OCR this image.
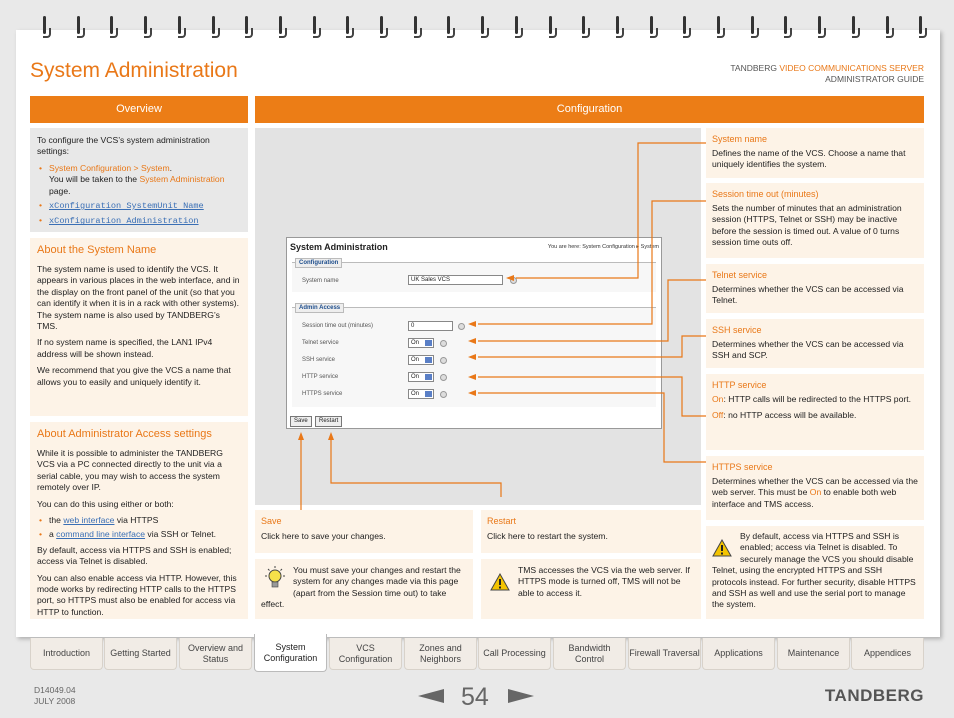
System Administration	TANDBERG VIDEO COMMUNICATIONS SERVER
ADMINISTRATOR GUIDE
Overview	Configuration

To configure the VCS’s system administration settings:

• System Configuration > System.
You will be taken to the System Administration page.
• xConfiguration SystemUnit Name
• xConfiguration Administration
About the System Name

The system name is used to identify the VCS. It appears in various places in the web interface, and in the display on the front panel of the unit (so that you can identify it when it is in a rack with other systems). The system name is also used by TANDBERG’s TMS.

If no system name is specified, the LAN1 IPv4 address will be shown instead.

We recommend that you give the VCS a name that allows you to easily and uniquely identify it.

About Administrator Access settings

While it is possible to administer the TANDBERG VCS via a PC connected directly to the unit via a serial cable, you may wish to access the system remotely over IP.

You can do this using either or both:

• the web interface via HTTPS
• a command line interface via SSH or Telnet.

By default, access via HTTPS and SSH is enabled; access via Telnet is disabled.

You can also enable access via HTTP. However, this mode works by redirecting HTTP calls to the HTTPS port, so HTTPS must also be enabled for access via HTTP to function.

System Administration	You are here: System Configuration ▸ System
Configuration
System name	UK Sales VCS
Admin Access
Session time out (minutes)	0
Telnet service	On
SSH service	On
HTTP service	On
HTTPS service	On
Save	Restart
System name
Defines the name of the VCS. Choose a name that uniquely identifies the system.
Session time out (minutes)
Sets the number of minutes that an administration session (HTTPS, Telnet or SSH) may be inactive before the session is timed out. A value of 0 turns session time outs off.
Telnet service
Determines whether the VCS can be accessed via Telnet.
SSH service
Determines whether the VCS can be accessed via SSH and SCP.
HTTP service

On: HTTP calls will be redirected to the HTTPS port.

Off: no HTTP access will be available.

HTTPS service
Determines whether the VCS can be accessed via the web server. This must be On to enable both web interface and TMS access.
By default, access via HTTPS and SSH is enabled; access via Telnet is disabled. To securely manage the VCS you should disable Telnet, using the encrypted HTTPS and SSH protocols instead. For further security, disable HTTPS and SSH as well and use the serial port to manage the system.
Save
Click here to save your changes.
Restart
Click here to restart the system.
You must save your changes and restart the system for any changes made via this page (apart from the Session time out) to take effect.
TMS accesses the VCS via the web server. If HTTPS mode is turned off, TMS will not be able to access it.
Introduction	Getting Started
Overview and Status
System Configuration
VCS Configuration
Zones and Neighbors
Call Processing
Bandwidth Control
Firewall Traversal	Applications	Maintenance	Appendices
D14049.04
JULY 2008	54	TANDBERG
